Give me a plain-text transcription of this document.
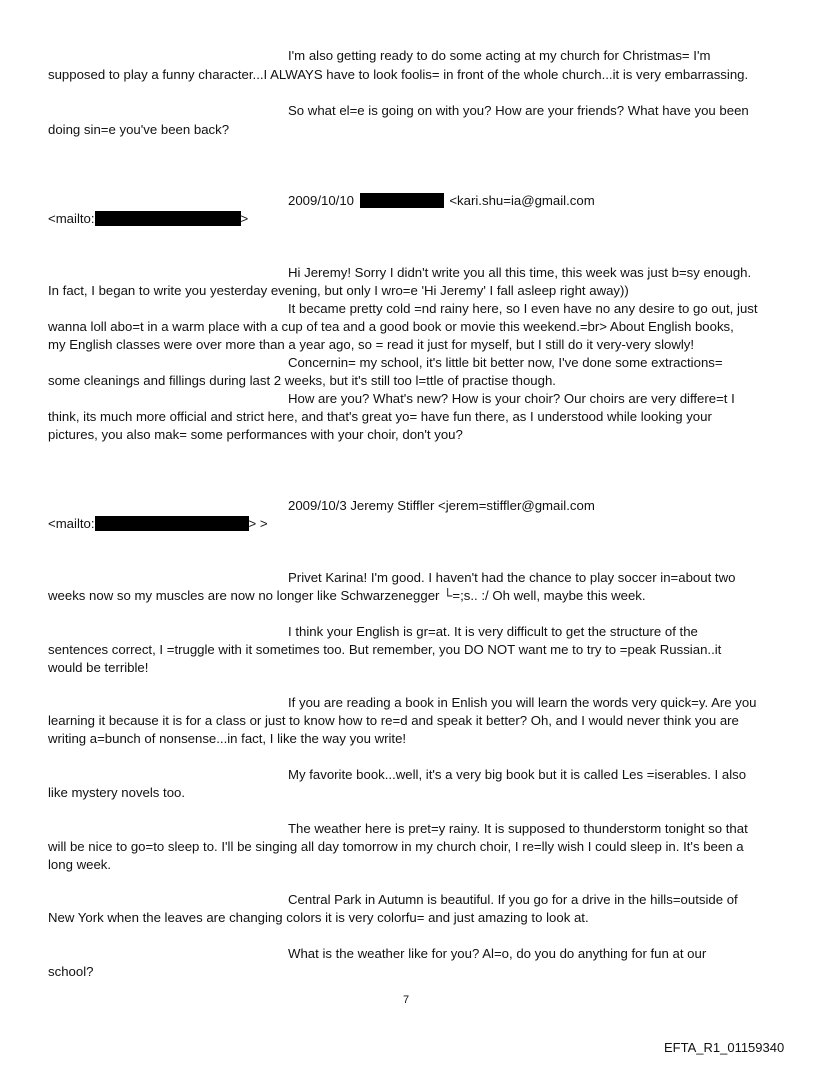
I'm also getting ready to do some acting at my church for Christmas= I'm
supposed to play a funny character...I ALWAYS have to look foolis= in front of the whole church...it is very embarrassing.
So what el=e is going on with you? How are your friends? What have you been
doing sin=e you've been back?
2009/10/10	<kari.shu=ia@gmail.com
<mailto:	>
Hi Jeremy! Sorry I didn't write you all this time, this week was just b=sy enough.
In fact, I began to write you yesterday evening, but only I wro=e 'Hi Jeremy' I fall asleep right away))
It became pretty cold =nd rainy here, so I even have no any desire to go out, just
wanna loll abo=t in a warm place with a cup of tea and a good book or movie this weekend.=br> About English books,
my English classes were over more than a year ago, so = read it just for myself, but I still do it very-very slowly!
Concernin= my school, it's little bit better now, I've done some extractions=
some cleanings and fillings during last 2 weeks, but it's still too l=ttle of practise though.
How are you? What's new? How is your choir? Our choirs are very differe=t I
think, its much more official and strict here, and that's great yo= have fun there, as I understood while looking your
pictures, you also mak= some performances with your choir, don't you?
2009/10/3 Jeremy Stiffler <jerem=stiffler@gmail.com
<mailto:	> >
Privet Karina! I'm good. I haven't had the chance to play soccer in=about two
weeks now so my muscles are now no longer like Schwarzenegger └=;s.. :/ Oh well, maybe this week.
I think your English is gr=at. It is very difficult to get the structure of the
sentences correct, I =truggle with it sometimes too. But remember, you DO NOT want me to try to =peak Russian..it
would be terrible!
If you are reading a book in Enlish you will learn the words very quick=y. Are you
learning it because it is for a class or just to know how to re=d and speak it better? Oh, and I would never think you are
writing a=bunch of nonsense...in fact, I like the way you write!
My favorite book...well, it's a very big book but it is called Les =iserables. I also
like mystery novels too.
The weather here is pret=y rainy. It is supposed to thunderstorm tonight so that
will be nice to go=to sleep to. I'll be singing all day tomorrow in my church choir, I re=lly wish I could sleep in. It's been a
long week.
Central Park in Autumn is beautiful. If you go for a drive in the hills=outside of
New York when the leaves are changing colors it is very colorfu= and just amazing to look at.
What is the weather like for you? Al=o, do you do anything for fun at our
school?
7
EFTA_R1_01159340
